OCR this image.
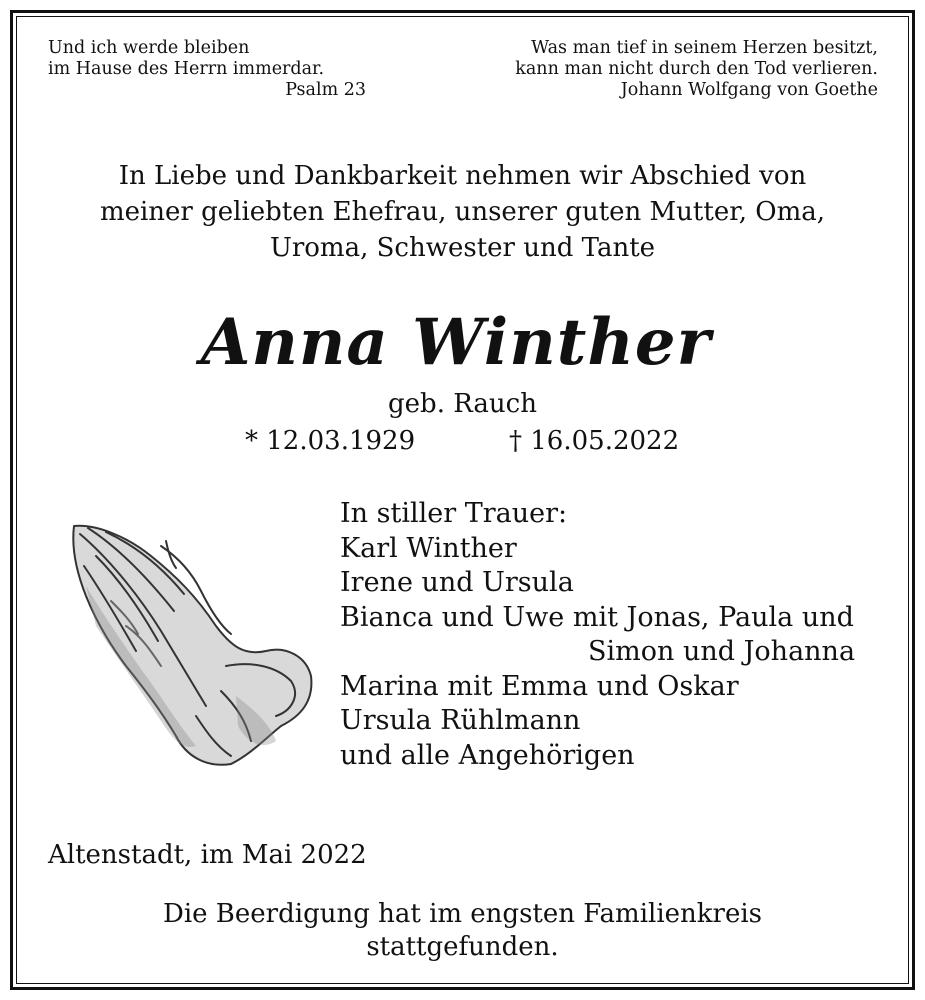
Und ich werde bleiben
im Hause des Herrn immerdar.
Psalm 23
Was man tief in seinem Herzen besitzt,
kann man nicht durch den Tod verlieren.
Johann Wolfgang von Goethe
In Liebe und Dankbarkeit nehmen wir Abschied von
meiner geliebten Ehefrau, unserer guten Mutter, Oma,
Uroma, Schwester und Tante
Anna Winther
geb. Rauch
* 12.03.1929	† 16.05.2022
In stiller Trauer:
Karl Winther
Irene und Ursula
Bianca und Uwe mit Jonas, Paula und
Simon und Johanna
Marina mit Emma und Oskar
Ursula Rühlmann
und alle Angehörigen
Altenstadt, im Mai 2022
Die Beerdigung hat im engsten Familienkreis
stattgefunden.
